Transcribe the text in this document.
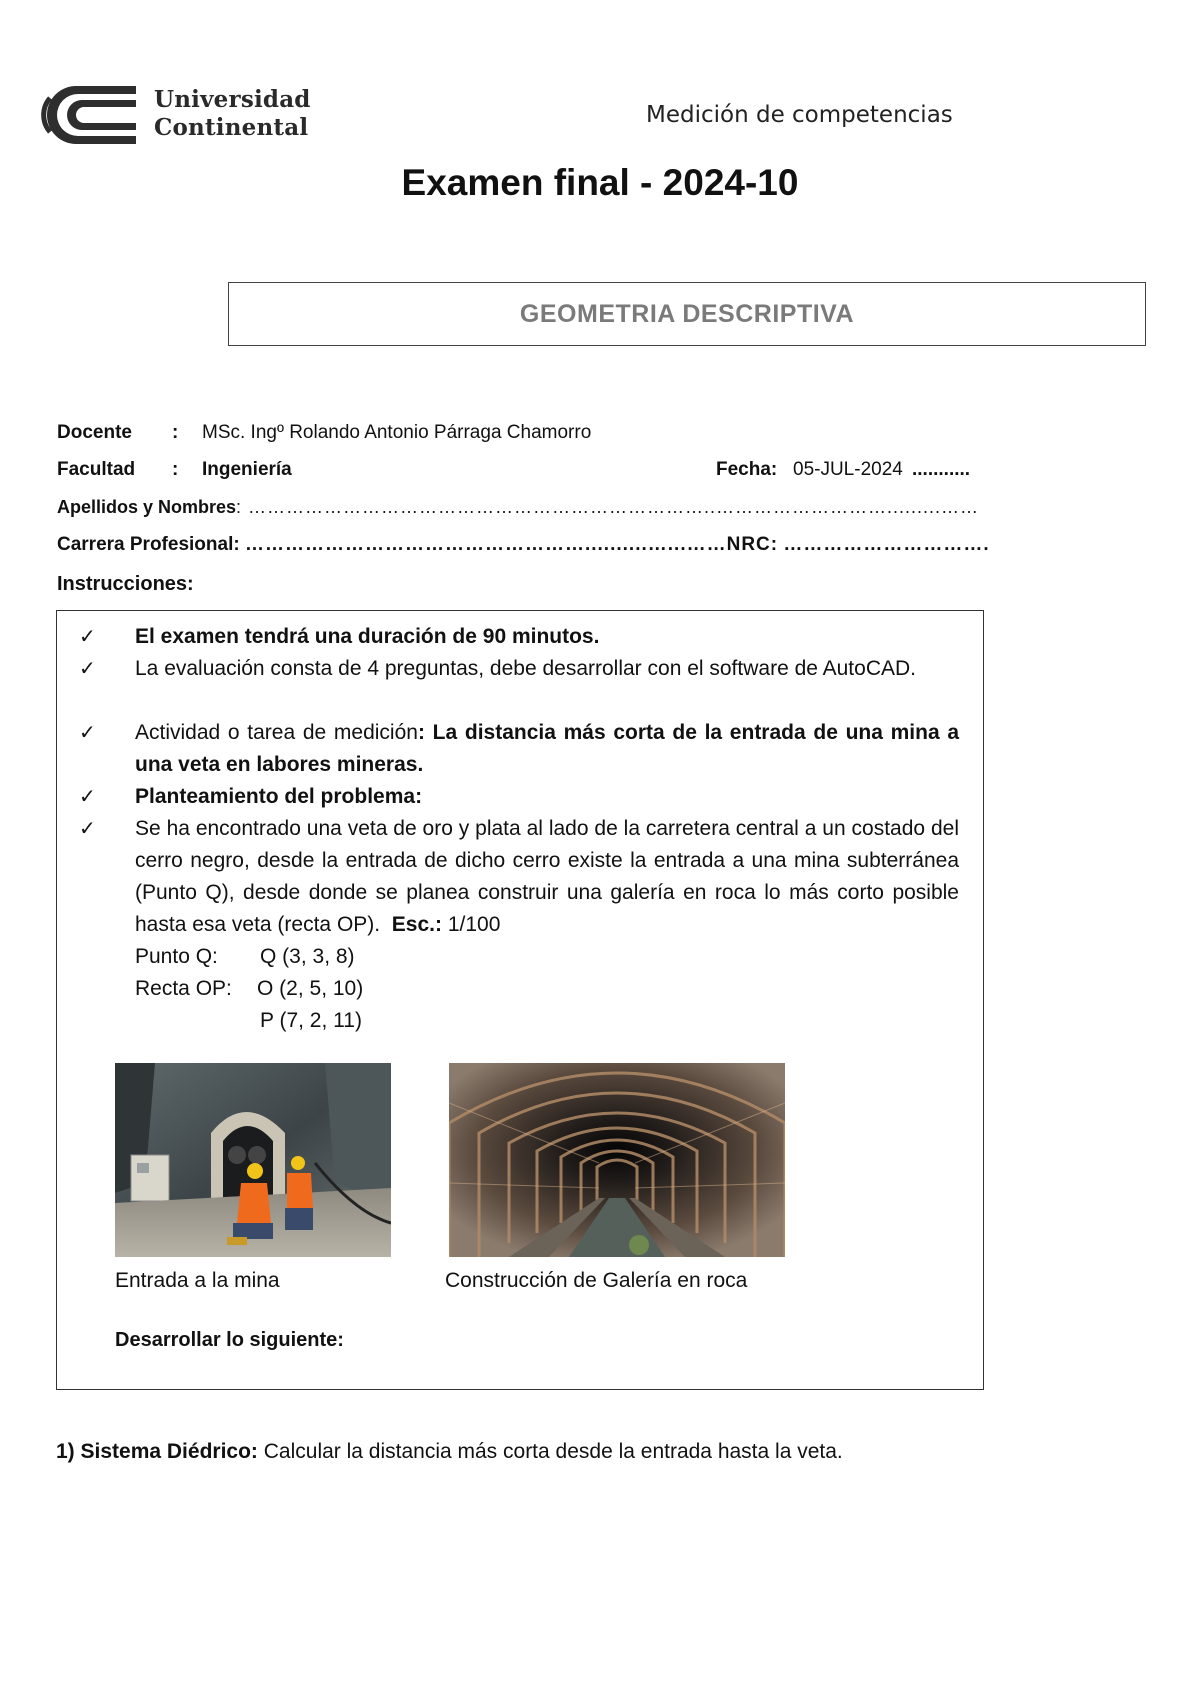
Universidad
Continental	Medición de competencias
Examen final - 2024-10
GEOMETRIA DESCRIPTIVA
Docente : MSc. Ingº Rolando Antonio Párraga Chamorro
Facultad : Ingeniería	Fecha: 05-JUL-2024 ...........
Apellidos y Nombres: ………………………………………………………………..……………………….........……
Carrera Profesional: ……………………………………………..........…...……NRC: ………………………….
Instrucciones:
✓	El examen tendrá una duración de 90 minutos.
✓	La evaluación consta de 4 preguntas, debe desarrollar con el software de AutoCAD.
✓	Actividad o tarea de medición: La distancia más corta de la entrada de una mina a una veta en labores mineras.
✓	Planteamiento del problema:
✓	Se ha encontrado una veta de oro y plata al lado de la carretera central a un costado del cerro negro, desde la entrada de dicho cerro existe la entrada a una mina subterránea (Punto Q), desde donde se planea construir una galería en roca lo más corto posible hasta esa veta (recta OP). Esc.: 1/100
Punto Q: Q (3, 3, 8)
Recta OP: O (2, 5, 10)
P (7, 2, 11)
Entrada a la mina	Construcción de Galería en roca
Desarrollar lo siguiente:
1) Sistema Diédrico: Calcular la distancia más corta desde la entrada hasta la veta.
